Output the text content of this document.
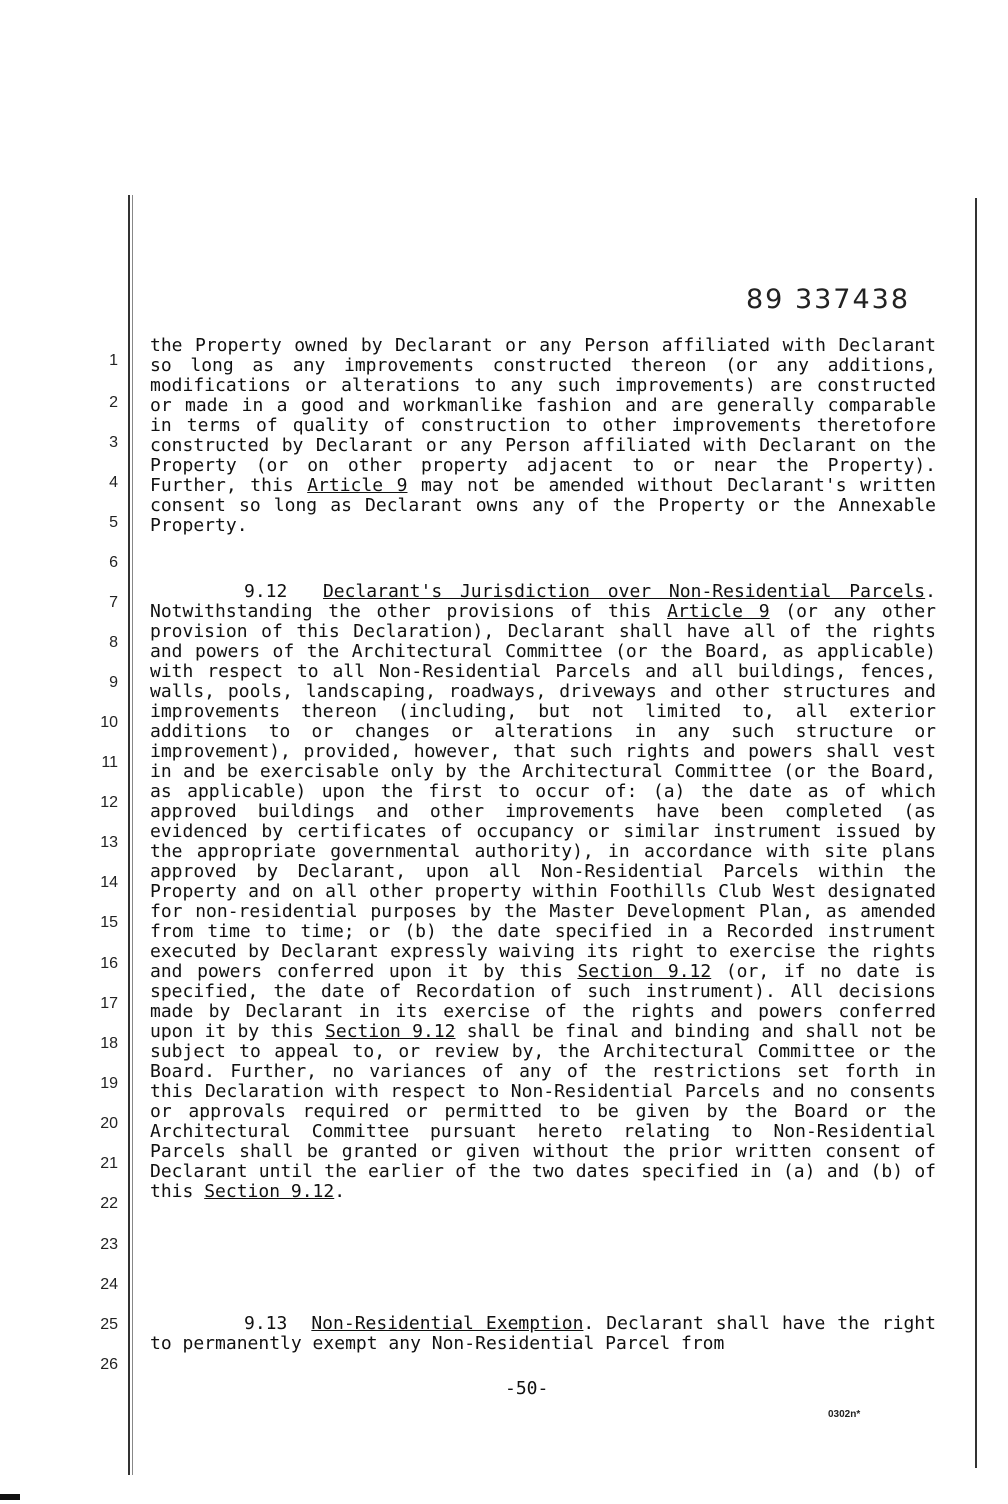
89 337438
1
2
3
4
5
6
7
8
9
10
11
12
13
14
15
16
17
18
19
20
21
22
23
24
25
26

the Property owned by Declarant or any Person affiliated with Declarant so long as any improvements constructed thereon (or any additions, modifications or alterations to any such improvements) are constructed or made in a good and workmanlike fashion and are generally comparable in terms of quality of construction to other improvements theretofore constructed by Declarant or any Person affiliated with Declarant on the Property (or on other property adjacent to or near the Property). Further, this Article 9 may not be amended without Declarant's written consent so long as Declarant owns any of the Property or the Annexable Property.

9.12 Declarant's Jurisdiction over Non-Residential Parcels. Notwithstanding the other provisions of this Article 9 (or any other provision of this Declaration), Declarant shall have all of the rights and powers of the Architectural Committee (or the Board, as applicable) with respect to all Non-Residential Parcels and all buildings, fences, walls, pools, landscaping, roadways, driveways and other structures and improvements thereon (including, but not limited to, all exterior additions to or changes or alterations in any such structure or improvement), provided, however, that such rights and powers shall vest in and be exercisable only by the Architectural Committee (or the Board, as applicable) upon the first to occur of: (a) the date as of which approved buildings and other improvements have been completed (as evidenced by certificates of occupancy or similar instrument issued by the appropriate governmental authority), in accordance with site plans approved by Declarant, upon all Non-Residential Parcels within the Property and on all other property within Foothills Club West designated for non-residential purposes by the Master Development Plan, as amended from time to time; or (b) the date specified in a Recorded instrument executed by Declarant expressly waiving its right to exercise the rights and powers conferred upon it by this Section 9.12 (or, if no date is specified, the date of Recordation of such instrument). All decisions made by Declarant in its exercise of the rights and powers conferred upon it by this Section 9.12 shall be final and binding and shall not be subject to appeal to, or review by, the Architectural Committee or the Board. Further, no variances of any of the restrictions set forth in this Declaration with respect to Non-Residential Parcels and no consents or approvals required or permitted to be given by the Board or the Architectural Committee pursuant hereto relating to Non-Residential Parcels shall be granted or given without the prior written consent of Declarant until the earlier of the two dates specified in (a) and (b) of this Section 9.12.

9.13 Non-Residential Exemption. Declarant shall have the right to permanently exempt any Non-Residential Parcel from

-50-
0302n*
